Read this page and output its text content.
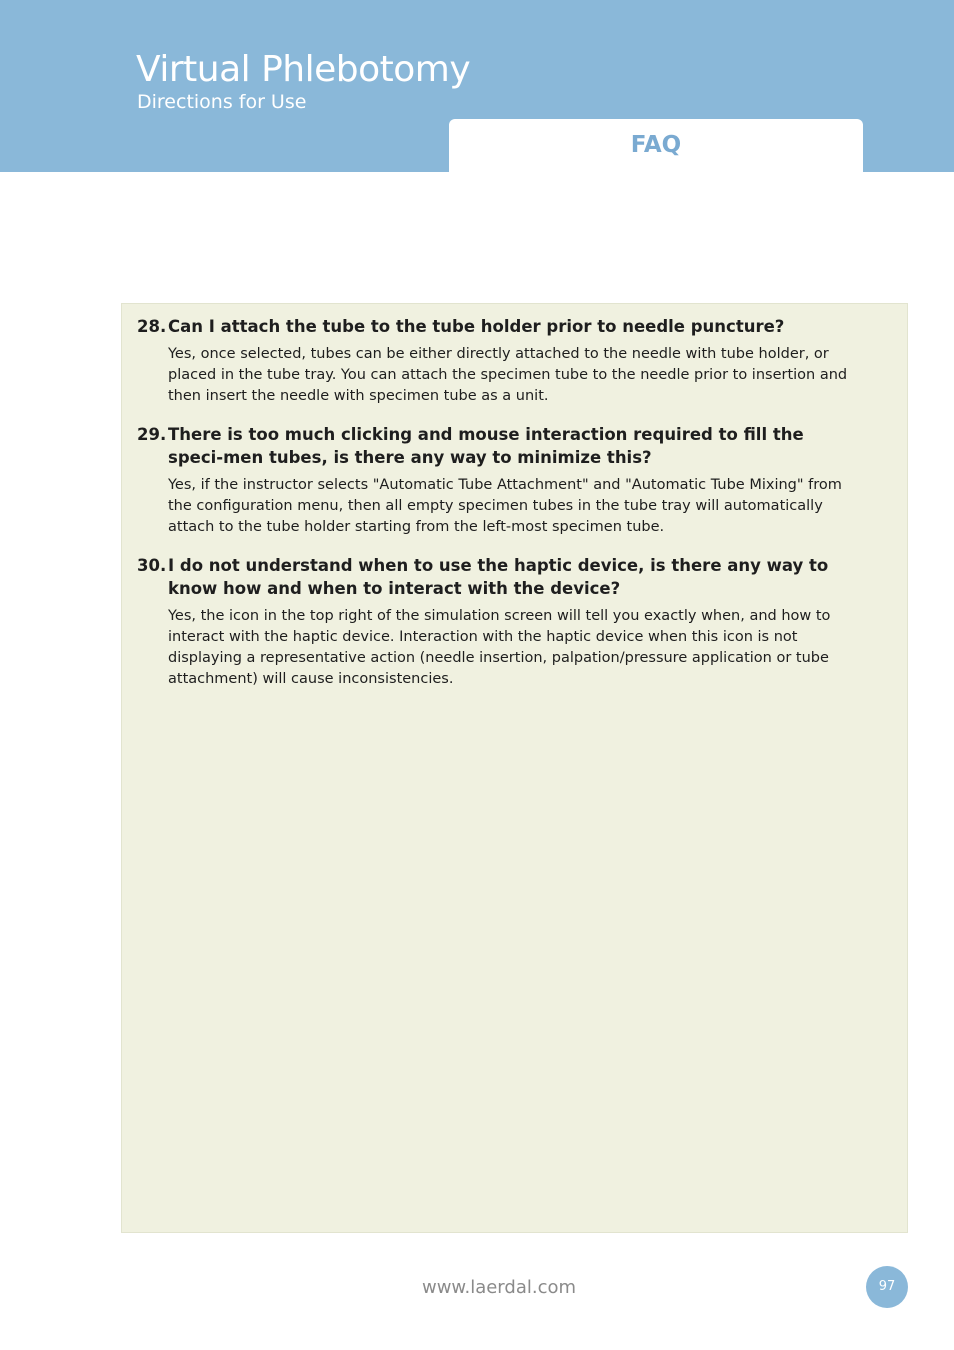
Virtual Phlebotomy
Directions for Use
FAQ
28. Can I attach the tube to the tube holder prior to needle puncture?

Yes, once selected, tubes can be either directly attached to the needle with tube holder, or placed in the tube tray. You can attach the specimen tube to the needle prior to insertion and then insert the needle with specimen tube as a unit.

29. There is too much clicking and mouse interaction required to fill the speci-men tubes, is there any way to minimize this?

Yes, if the instructor selects "Automatic Tube Attachment" and "Automatic Tube Mixing" from the configuration menu, then all empty specimen tubes in the tube tray will automatically attach to the tube holder starting from the left-most specimen tube.

30. I do not understand when to use the haptic device, is there any way to know how and when to interact with the device?

Yes, the icon in the top right of the simulation screen will tell you exactly when, and how to interact with the haptic device. Interaction with the haptic device when this icon is not displaying a representative action (needle insertion, palpation/pressure application or tube attachment) will cause inconsistencies.

www.laerdal.com	97
